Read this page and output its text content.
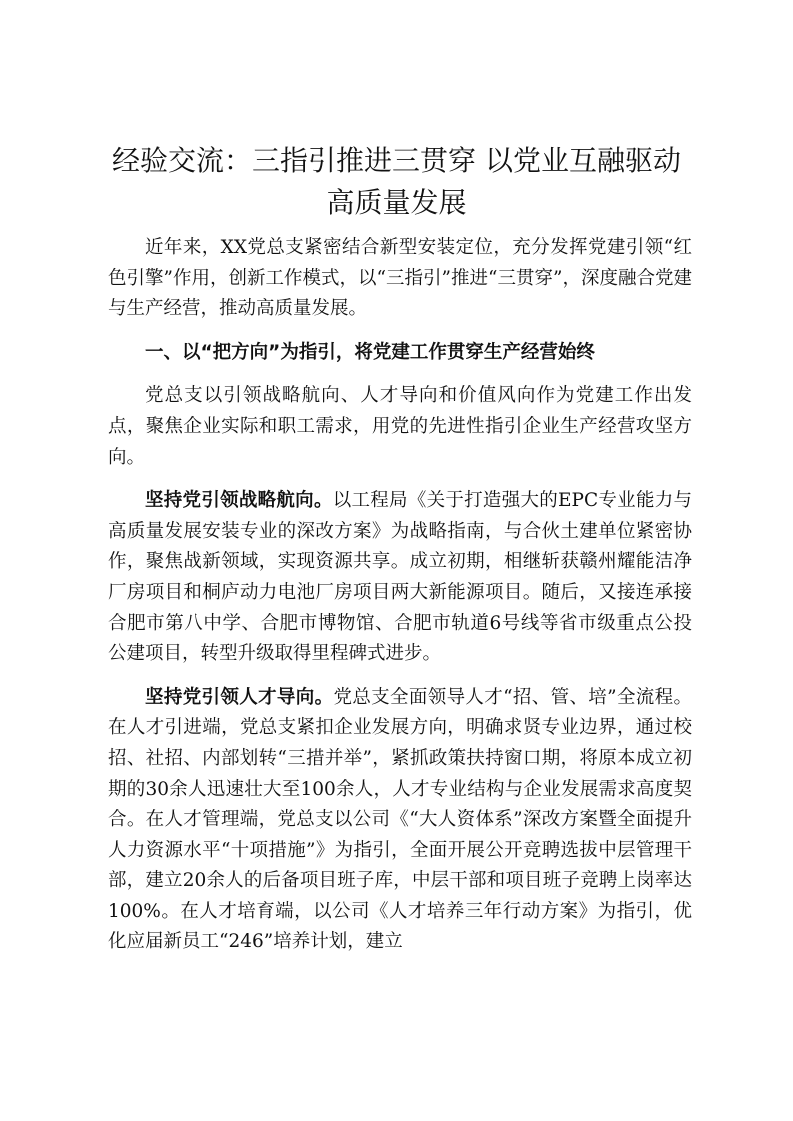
经验交流：三指引推进三贯穿 以党业互融驱动高质量发展

近年来，XX党总支紧密结合新型安装定位，充分发挥党建引领“红色引擎”作用，创新工作模式，以“三指引”推进“三贯穿”，深度融合党建与生产经营，推动高质量发展。

一、以“把方向”为指引，将党建工作贯穿生产经营始终

党总支以引领战略航向、人才导向和价值风向作为党建工作出发点，聚焦企业实际和职工需求，用党的先进性指引企业生产经营攻坚方向。

坚持党引领战略航向。以工程局《关于打造强大的EPC专业能力与高质量发展安装专业的深改方案》为战略指南，与合伙土建单位紧密协作，聚焦战新领域，实现资源共享。成立初期，相继斩获赣州耀能洁净厂房项目和桐庐动力电池厂房项目两大新能源项目。随后，又接连承接合肥市第八中学、合肥市博物馆、合肥市轨道6号线等省市级重点公投公建项目，转型升级取得里程碑式进步。

坚持党引领人才导向。党总支全面领导人才“招、管、培”全流程。在人才引进端，党总支紧扣企业发展方向，明确求贤专业边界，通过校招、社招、内部划转“三措并举”，紧抓政策扶持窗口期，将原本成立初期的30余人迅速壮大至100余人，人才专业结构与企业发展需求高度契合。在人才管理端，党总支以公司《“大人资体系”深改方案暨全面提升人力资源水平“十项措施”》为指引，全面开展公开竞聘选拔中层管理干部，建立20余人的后备项目班子库，中层干部和项目班子竞聘上岗率达100%。在人才培育端，以公司《人才培养三年行动方案》为指引，优化应届新员工“246”培养计划，建立
